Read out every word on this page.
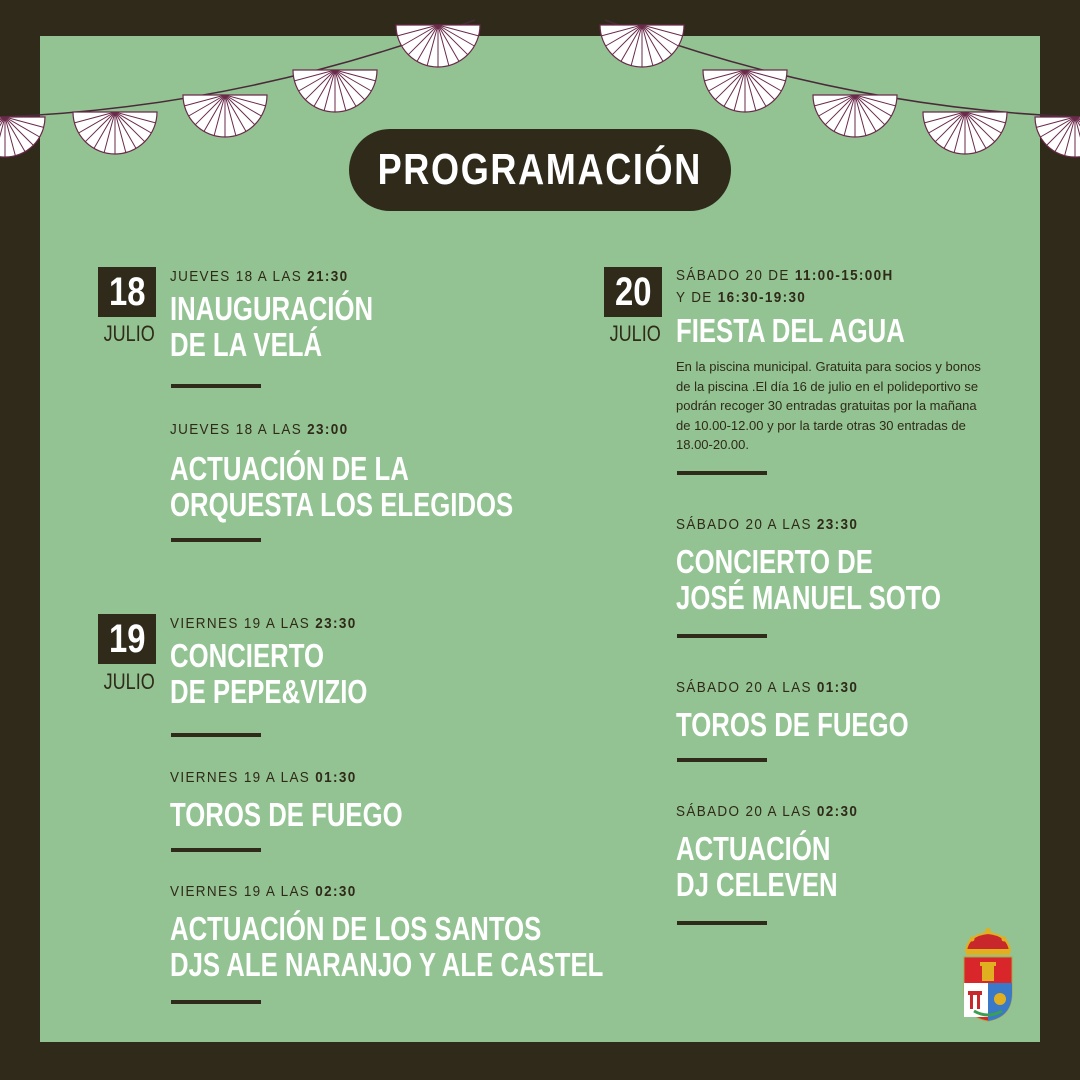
PROGRAMACIÓN
18
JULIO
19
JULIO
20
JULIO
JUEVES 18 A LAS 21:30
INAUGURACIÓN
DE LA VELÁ
JUEVES 18 A LAS 23:00
ACTUACIÓN DE LA
ORQUESTA LOS ELEGIDOS
VIERNES 19 A LAS 23:30
CONCIERTO
DE PEPE&VIZIO
VIERNES 19 A LAS 01:30
TOROS DE FUEGO
VIERNES 19 A LAS 02:30
ACTUACIÓN DE LOS SANTOS
DJS ALE NARANJO Y ALE CASTEL
SÁBADO 20 DE 11:00-15:00H
Y DE 16:30-19:30
FIESTA DEL AGUA
En la piscina municipal. Gratuita para socios y bonos de la piscina .El día 16 de julio en el polideportivo se podrán recoger 30 entradas gratuitas por la mañana de 10.00-12.00 y por la tarde otras 30 entradas de 18.00-20.00.
SÁBADO 20 A LAS 23:30
CONCIERTO DE
JOSÉ MANUEL SOTO
SÁBADO 20 A LAS 01:30
TOROS DE FUEGO
SÁBADO 20 A LAS 02:30
ACTUACIÓN
DJ CELEVEN
